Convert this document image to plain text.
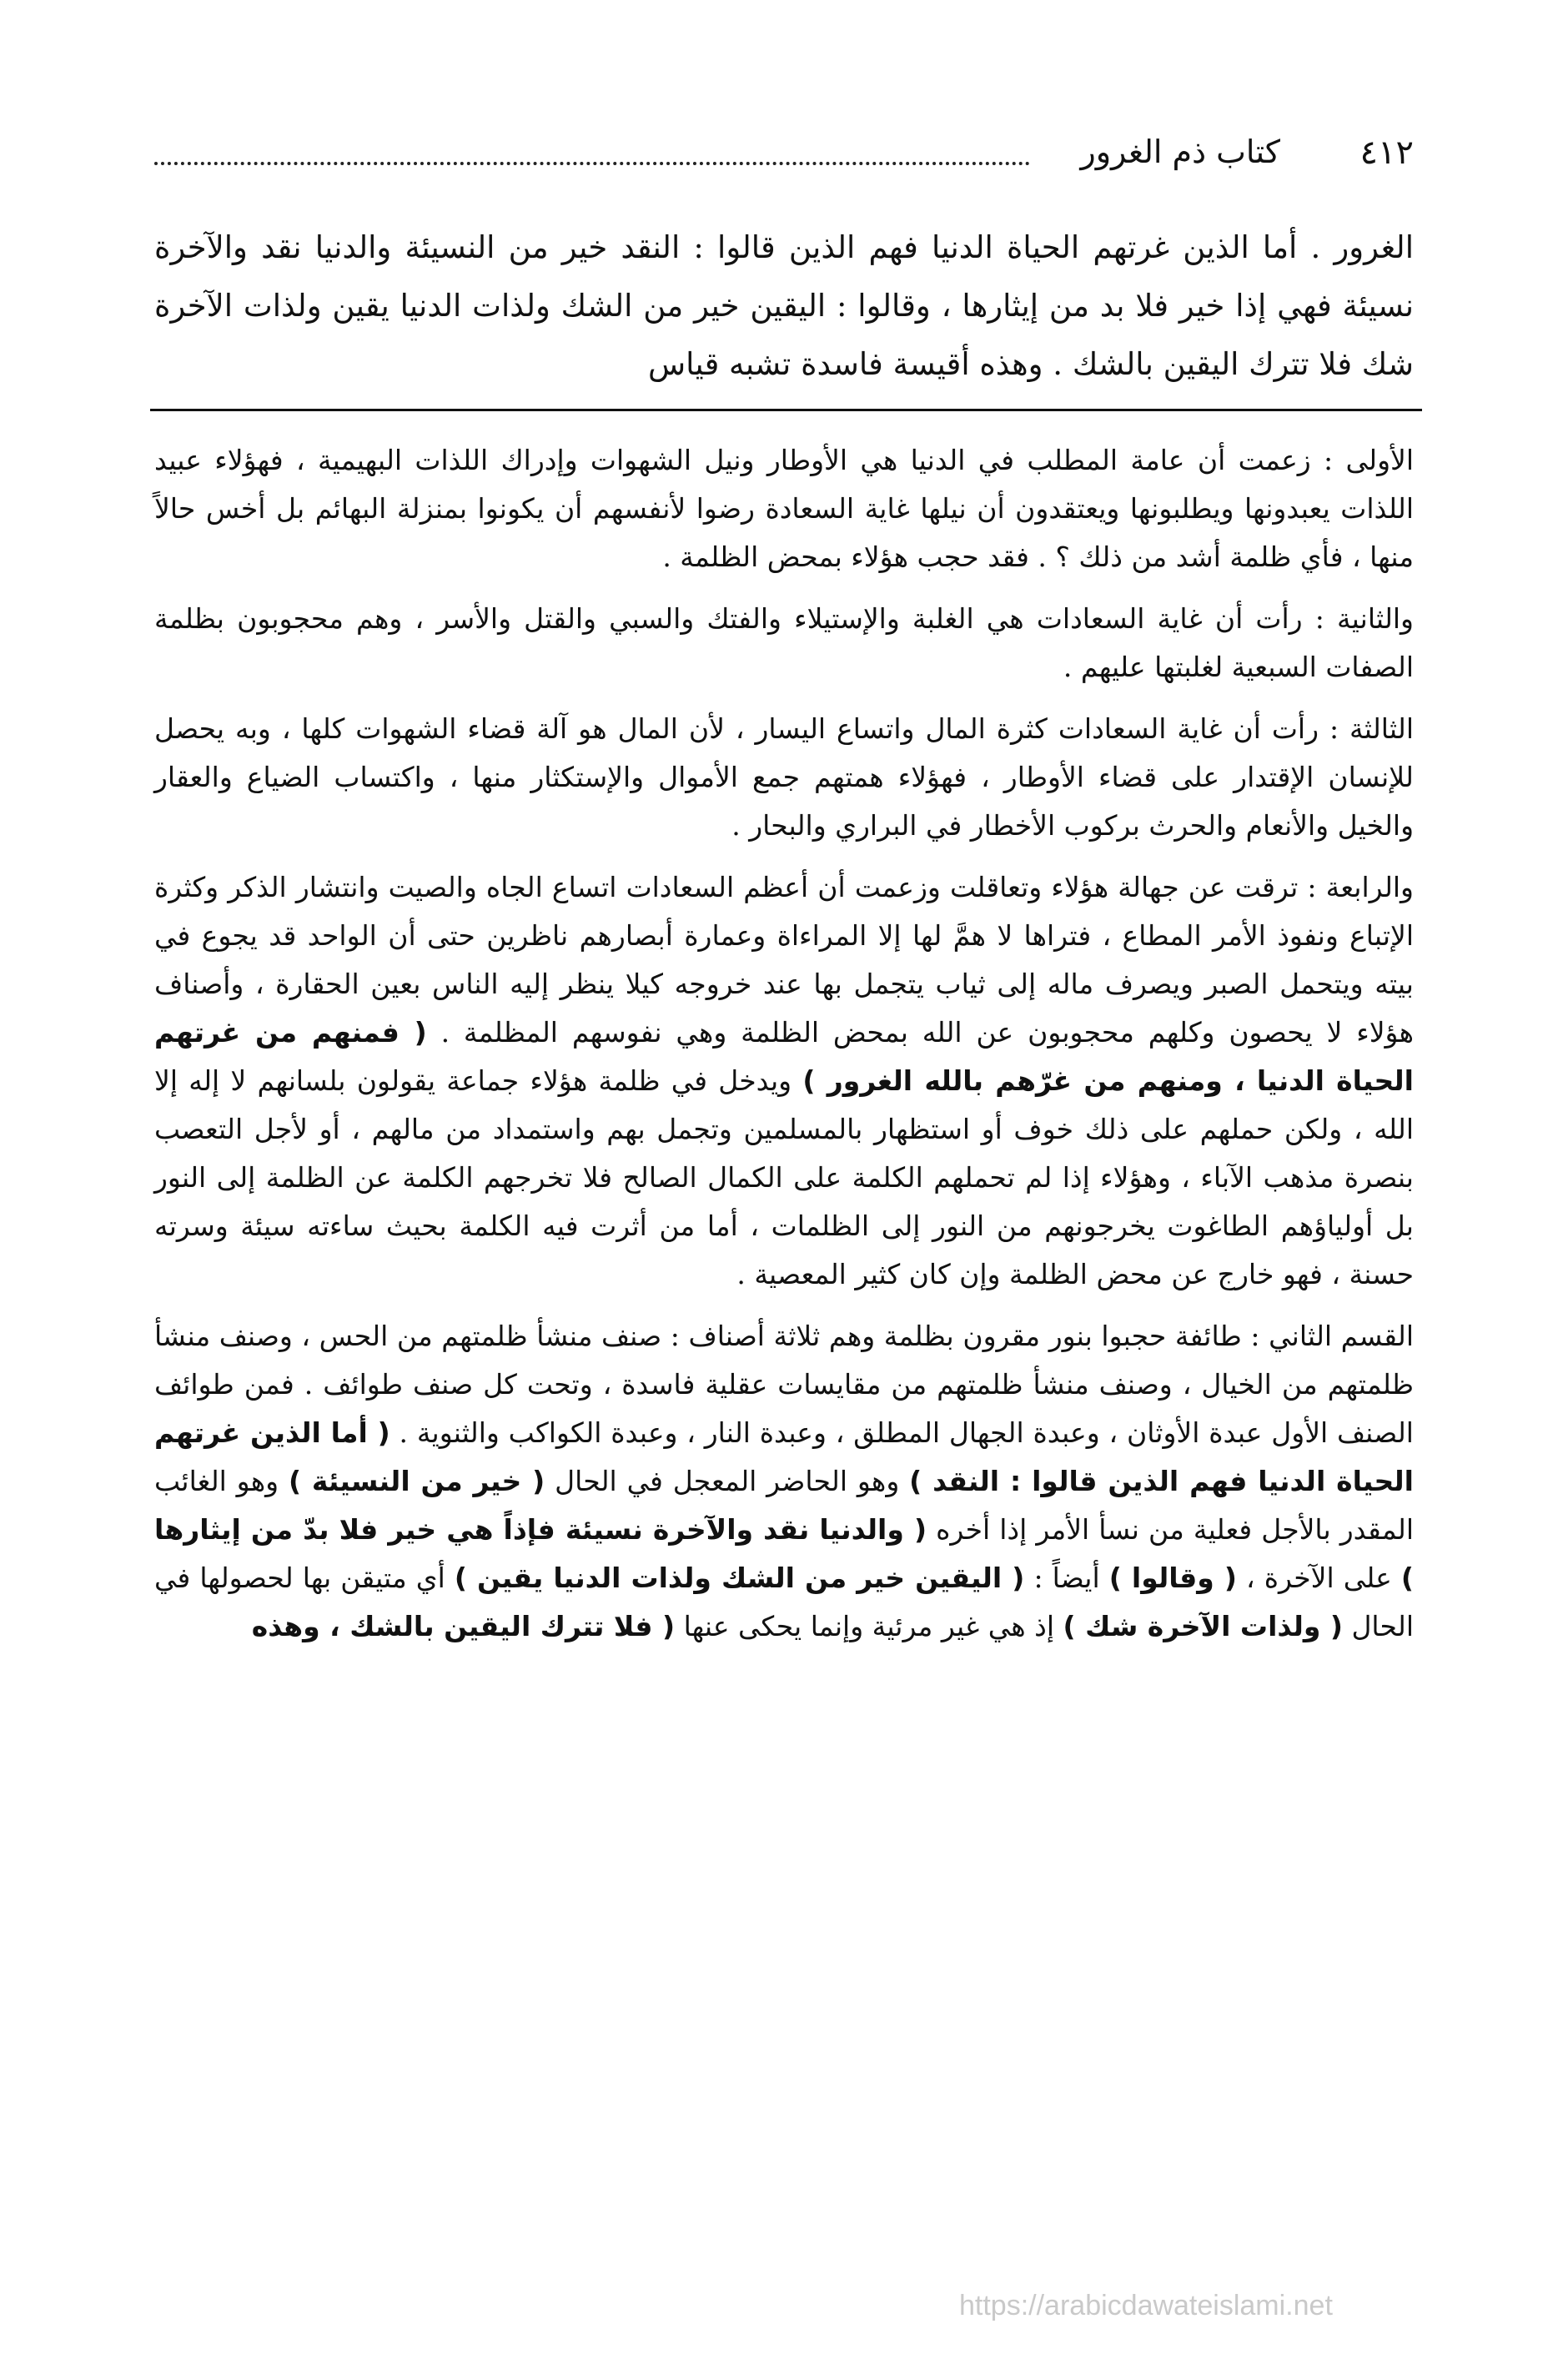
٤١٢
كتاب ذم الغرور

الغرور . أما الذين غرتهم الحياة الدنيا فهم الذين قالوا : النقد خير من النسيئة والدنيا نقد والآخرة نسيئة فهي إذا خير فلا بد من إيثارها ، وقالوا : اليقين خير من الشك ولذات الدنيا يقين ولذات الآخرة شك فلا تترك اليقين بالشك . وهذه أقيسة فاسدة تشبه قياس

الأولى : زعمت أن عامة المطلب في الدنيا هي الأوطار ونيل الشهوات وإدراك اللذات البهيمية ، فهؤلاء عبيد اللذات يعبدونها ويطلبونها ويعتقدون أن نيلها غاية السعادة رضوا لأنفسهم أن يكونوا بمنزلة البهائم بل أخس حالاً منها ، فأي ظلمة أشد من ذلك ؟ . فقد حجب هؤلاء بمحض الظلمة .

والثانية : رأت أن غاية السعادات هي الغلبة والإستيلاء والفتك والسبي والقتل والأسر ، وهم محجوبون بظلمة الصفات السبعية لغلبتها عليهم .

الثالثة : رأت أن غاية السعادات كثرة المال واتساع اليسار ، لأن المال هو آلة قضاء الشهوات كلها ، وبه يحصل للإنسان الإقتدار على قضاء الأوطار ، فهؤلاء همتهم جمع الأموال والإستكثار منها ، واكتساب الضياع والعقار والخيل والأنعام والحرث بركوب الأخطار في البراري والبحار .

والرابعة : ترقت عن جهالة هؤلاء وتعاقلت وزعمت أن أعظم السعادات اتساع الجاه والصيت وانتشار الذكر وكثرة الإتباع ونفوذ الأمر المطاع ، فتراها لا همَّ لها إلا المراءاة وعمارة أبصارهم ناظرين حتى أن الواحد قد يجوع في بيته ويتحمل الصبر ويصرف ماله إلى ثياب يتجمل بها عند خروجه كيلا ينظر إليه الناس بعين الحقارة ، وأصناف هؤلاء لا يحصون وكلهم محجوبون عن الله بمحض الظلمة وهي نفوسهم المظلمة . ( فمنهم من غرتهم الحياة الدنيا ، ومنهم من غرّهم بالله الغرور ) ويدخل في ظلمة هؤلاء جماعة يقولون بلسانهم لا إله إلا الله ، ولكن حملهم على ذلك خوف أو استظهار بالمسلمين وتجمل بهم واستمداد من مالهم ، أو لأجل التعصب بنصرة مذهب الآباء ، وهؤلاء إذا لم تحملهم الكلمة على الكمال الصالح فلا تخرجهم الكلمة عن الظلمة إلى النور بل أولياؤهم الطاغوت يخرجونهم من النور إلى الظلمات ، أما من أثرت فيه الكلمة بحيث ساءته سيئة وسرته حسنة ، فهو خارج عن محض الظلمة وإن كان كثير المعصية .

القسم الثاني : طائفة حجبوا بنور مقرون بظلمة وهم ثلاثة أصناف : صنف منشأ ظلمتهم من الحس ، وصنف منشأ ظلمتهم من الخيال ، وصنف منشأ ظلمتهم من مقايسات عقلية فاسدة ، وتحت كل صنف طوائف . فمن طوائف الصنف الأول عبدة الأوثان ، وعبدة الجهال المطلق ، وعبدة النار ، وعبدة الكواكب والثنوية . ( أما الذين غرتهم الحياة الدنيا فهم الذين قالوا : النقد ) وهو الحاضر المعجل في الحال ( خير من النسيئة ) وهو الغائب المقدر بالأجل فعلية من نسأ الأمر إذا أخره ( والدنيا نقد والآخرة نسيئة فإذاً هي خير فلا بدّ من إيثارها ) على الآخرة ، ( وقالوا ) أيضاً : ( اليقين خير من الشك ولذات الدنيا يقين ) أي متيقن بها لحصولها في الحال ( ولذات الآخرة شك ) إذ هي غير مرئية وإنما يحكى عنها ( فلا تترك اليقين بالشك ، وهذه

https://arabicdawateislami.net
